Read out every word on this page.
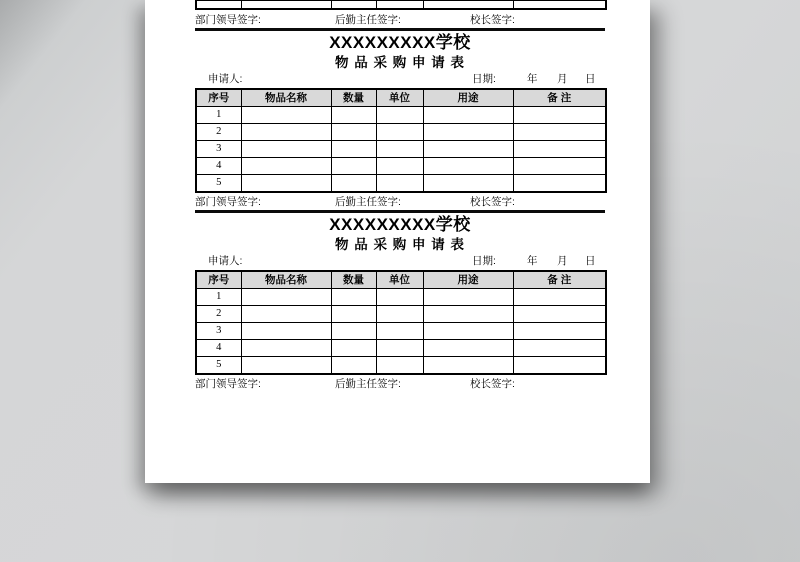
部门领导签字:	后勤主任签字:	校长签字:
XXXXXXXXX学校
物 品 采 购 申 请 表
申请人:	日期:	年 月 日
序号	物品名称	数量	单位	用途	备 注
1					
2					
3					
4					
5					
部门领导签字:	后勤主任签字:	校长签字:
XXXXXXXXX学校
物 品 采 购 申 请 表
申请人:	日期:	年 月 日
序号	物品名称	数量	单位	用途	备 注
1					
2					
3					
4					
5					
部门领导签字:	后勤主任签字:	校长签字:
